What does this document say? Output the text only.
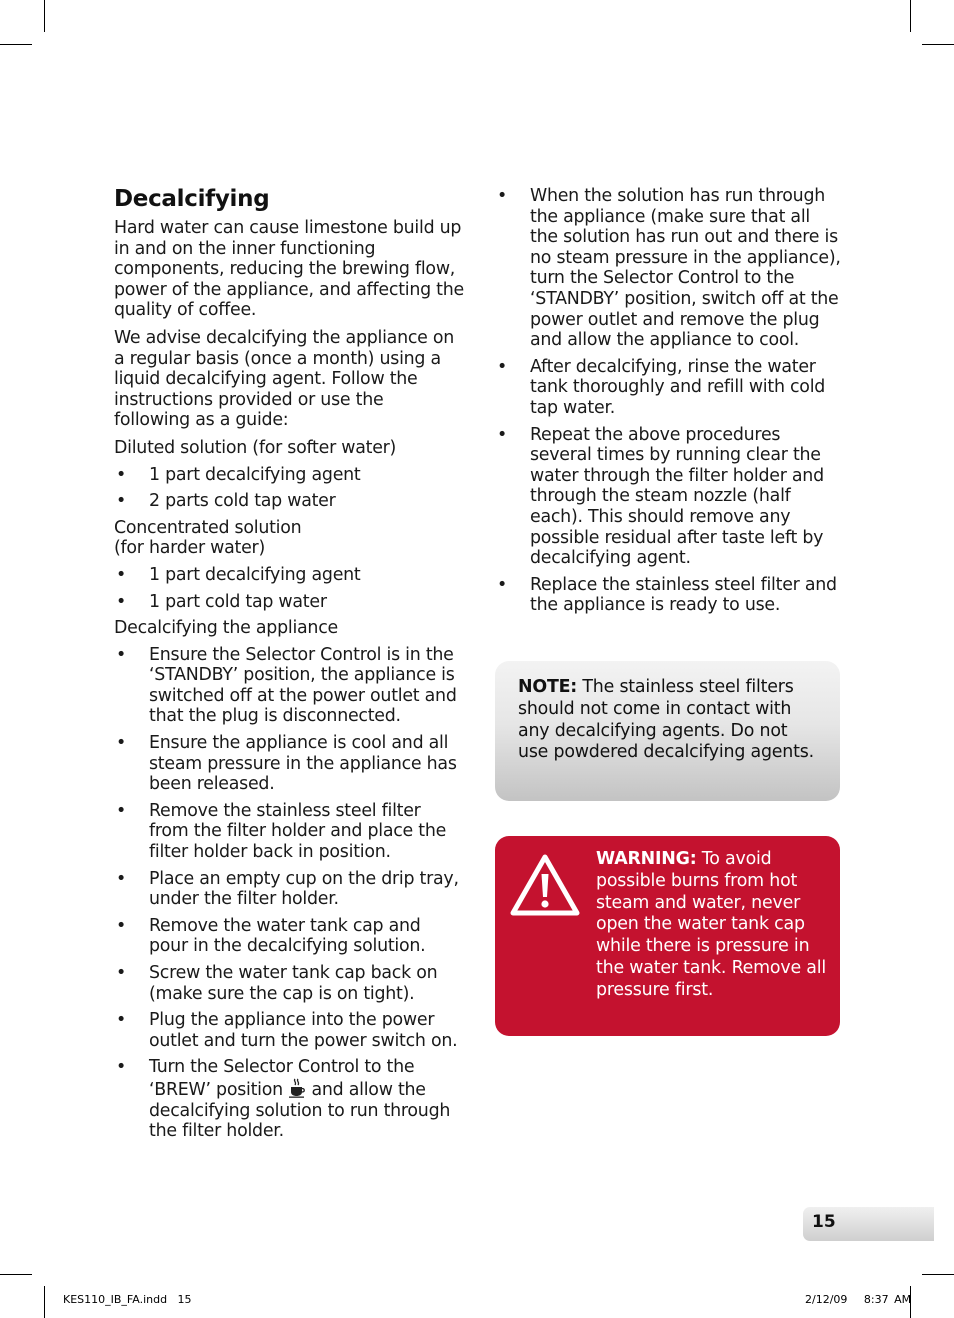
Decalcifying

Hard water can cause limestone build up in and on the inner functioning components, reducing the brewing flow, power of the appliance, and affecting the quality of coffee.

We advise decalcifying the appliance on a regular basis (once a month) using a liquid decalcifying agent. Follow the instructions provided or use the following as a guide:

Diluted solution (for softer water)
• 1 part decalcifying agent
• 2 parts cold tap water
Concentrated solution
(for harder water)
• 1 part decalcifying agent
• 1 part cold tap water
Decalcifying the appliance
• Ensure the Selector Control is in the ‘STANDBY’ position, the appliance is switched off at the power outlet and that the plug is disconnected.
• Ensure the appliance is cool and all steam pressure in the appliance has been released.
• Remove the stainless steel filter from the filter holder and place the filter holder back in position.
• Place an empty cup on the drip tray, under the filter holder.
• Remove the water tank cap and pour in the decalcifying solution.
• Screw the water tank cap back on (make sure the cap is on tight).
• Plug the appliance into the power outlet and turn the power switch on.
• Turn the Selector Control to the ‘BREW’ position and allow the decalcifying solution to run through the filter holder.
• When the solution has run through the appliance (make sure that all the solution has run out and there is no steam pressure in the appliance), turn the Selector Control to the ‘STANDBY’ position, switch off at the power outlet and remove the plug and allow the appliance to cool.
• After decalcifying, rinse the water tank thoroughly and refill with cold tap water.
• Repeat the above procedures several times by running clear the water through the filter holder and through the steam nozzle (half each). This should remove any possible residual after taste left by decalcifying agent.
• Replace the stainless steel filter and the appliance is ready to use.
NOTE: The stainless steel filters should not come in contact with any decalcifying agents. Do not use powdered decalcifying agents.
WARNING: To avoid possible burns from hot steam and water, never open the water tank cap while there is pressure in the water tank. Remove all pressure first.
15
KES110_IB_FA.indd   15	2/12/09   8:37 AM
